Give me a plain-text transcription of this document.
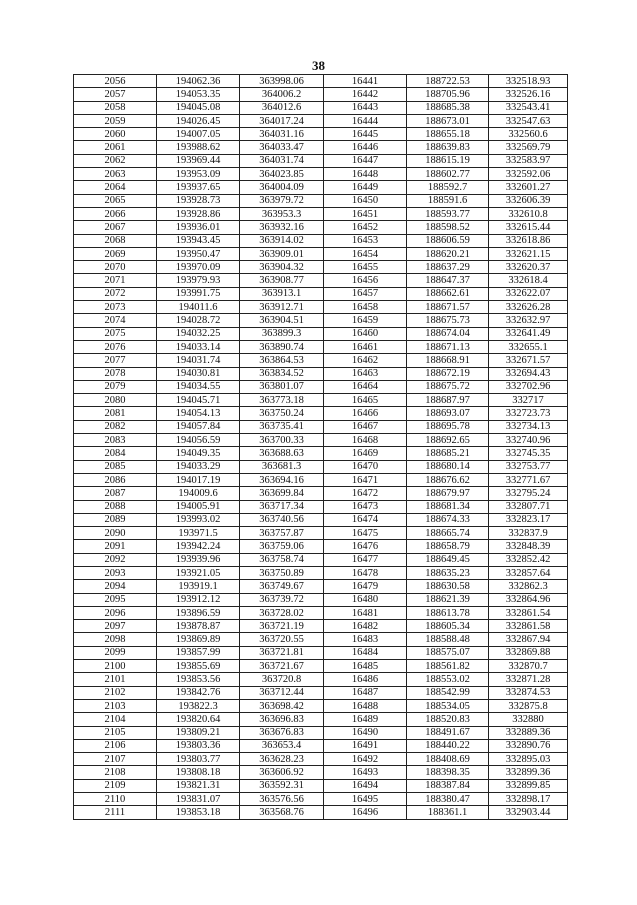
38
2056	194062.36	363998.06	16441	188722.53	332518.93
2057	194053.35	364006.2	16442	188705.96	332526.16
2058	194045.08	364012.6	16443	188685.38	332543.41
2059	194026.45	364017.24	16444	188673.01	332547.63
2060	194007.05	364031.16	16445	188655.18	332560.6
2061	193988.62	364033.47	16446	188639.83	332569.79
2062	193969.44	364031.74	16447	188615.19	332583.97
2063	193953.09	364023.85	16448	188602.77	332592.06
2064	193937.65	364004.09	16449	188592.7	332601.27
2065	193928.73	363979.72	16450	188591.6	332606.39
2066	193928.86	363953.3	16451	188593.77	332610.8
2067	193936.01	363932.16	16452	188598.52	332615.44
2068	193943.45	363914.02	16453	188606.59	332618.86
2069	193950.47	363909.01	16454	188620.21	332621.15
2070	193970.09	363904.32	16455	188637.29	332620.37
2071	193979.93	363908.77	16456	188647.37	332618.4
2072	193991.75	363913.1	16457	188662.61	332622.07
2073	194011.6	363912.71	16458	188671.57	332626.28
2074	194028.72	363904.51	16459	188675.73	332632.97
2075	194032.25	363899.3	16460	188674.04	332641.49
2076	194033.14	363890.74	16461	188671.13	332655.1
2077	194031.74	363864.53	16462	188668.91	332671.57
2078	194030.81	363834.52	16463	188672.19	332694.43
2079	194034.55	363801.07	16464	188675.72	332702.96
2080	194045.71	363773.18	16465	188687.97	332717
2081	194054.13	363750.24	16466	188693.07	332723.73
2082	194057.84	363735.41	16467	188695.78	332734.13
2083	194056.59	363700.33	16468	188692.65	332740.96
2084	194049.35	363688.63	16469	188685.21	332745.35
2085	194033.29	363681.3	16470	188680.14	332753.77
2086	194017.19	363694.16	16471	188676.62	332771.67
2087	194009.6	363699.84	16472	188679.97	332795.24
2088	194005.91	363717.34	16473	188681.34	332807.71
2089	193993.02	363740.56	16474	188674.33	332823.17
2090	193971.5	363757.87	16475	188665.74	332837.9
2091	193942.24	363759.06	16476	188658.79	332848.39
2092	193939.96	363758.74	16477	188649.45	332852.42
2093	193921.05	363750.89	16478	188635.23	332857.64
2094	193919.1	363749.67	16479	188630.58	332862.3
2095	193912.12	363739.72	16480	188621.39	332864.96
2096	193896.59	363728.02	16481	188613.78	332861.54
2097	193878.87	363721.19	16482	188605.34	332861.58
2098	193869.89	363720.55	16483	188588.48	332867.94
2099	193857.99	363721.81	16484	188575.07	332869.88
2100	193855.69	363721.67	16485	188561.82	332870.7
2101	193853.56	363720.8	16486	188553.02	332871.28
2102	193842.76	363712.44	16487	188542.99	332874.53
2103	193822.3	363698.42	16488	188534.05	332875.8
2104	193820.64	363696.83	16489	188520.83	332880
2105	193809.21	363676.83	16490	188491.67	332889.36
2106	193803.36	363653.4	16491	188440.22	332890.76
2107	193803.77	363628.23	16492	188408.69	332895.03
2108	193808.18	363606.92	16493	188398.35	332899.36
2109	193821.31	363592.31	16494	188387.84	332899.85
2110	193831.07	363576.56	16495	188380.47	332898.17
2111	193853.18	363568.76	16496	188361.1	332903.44
